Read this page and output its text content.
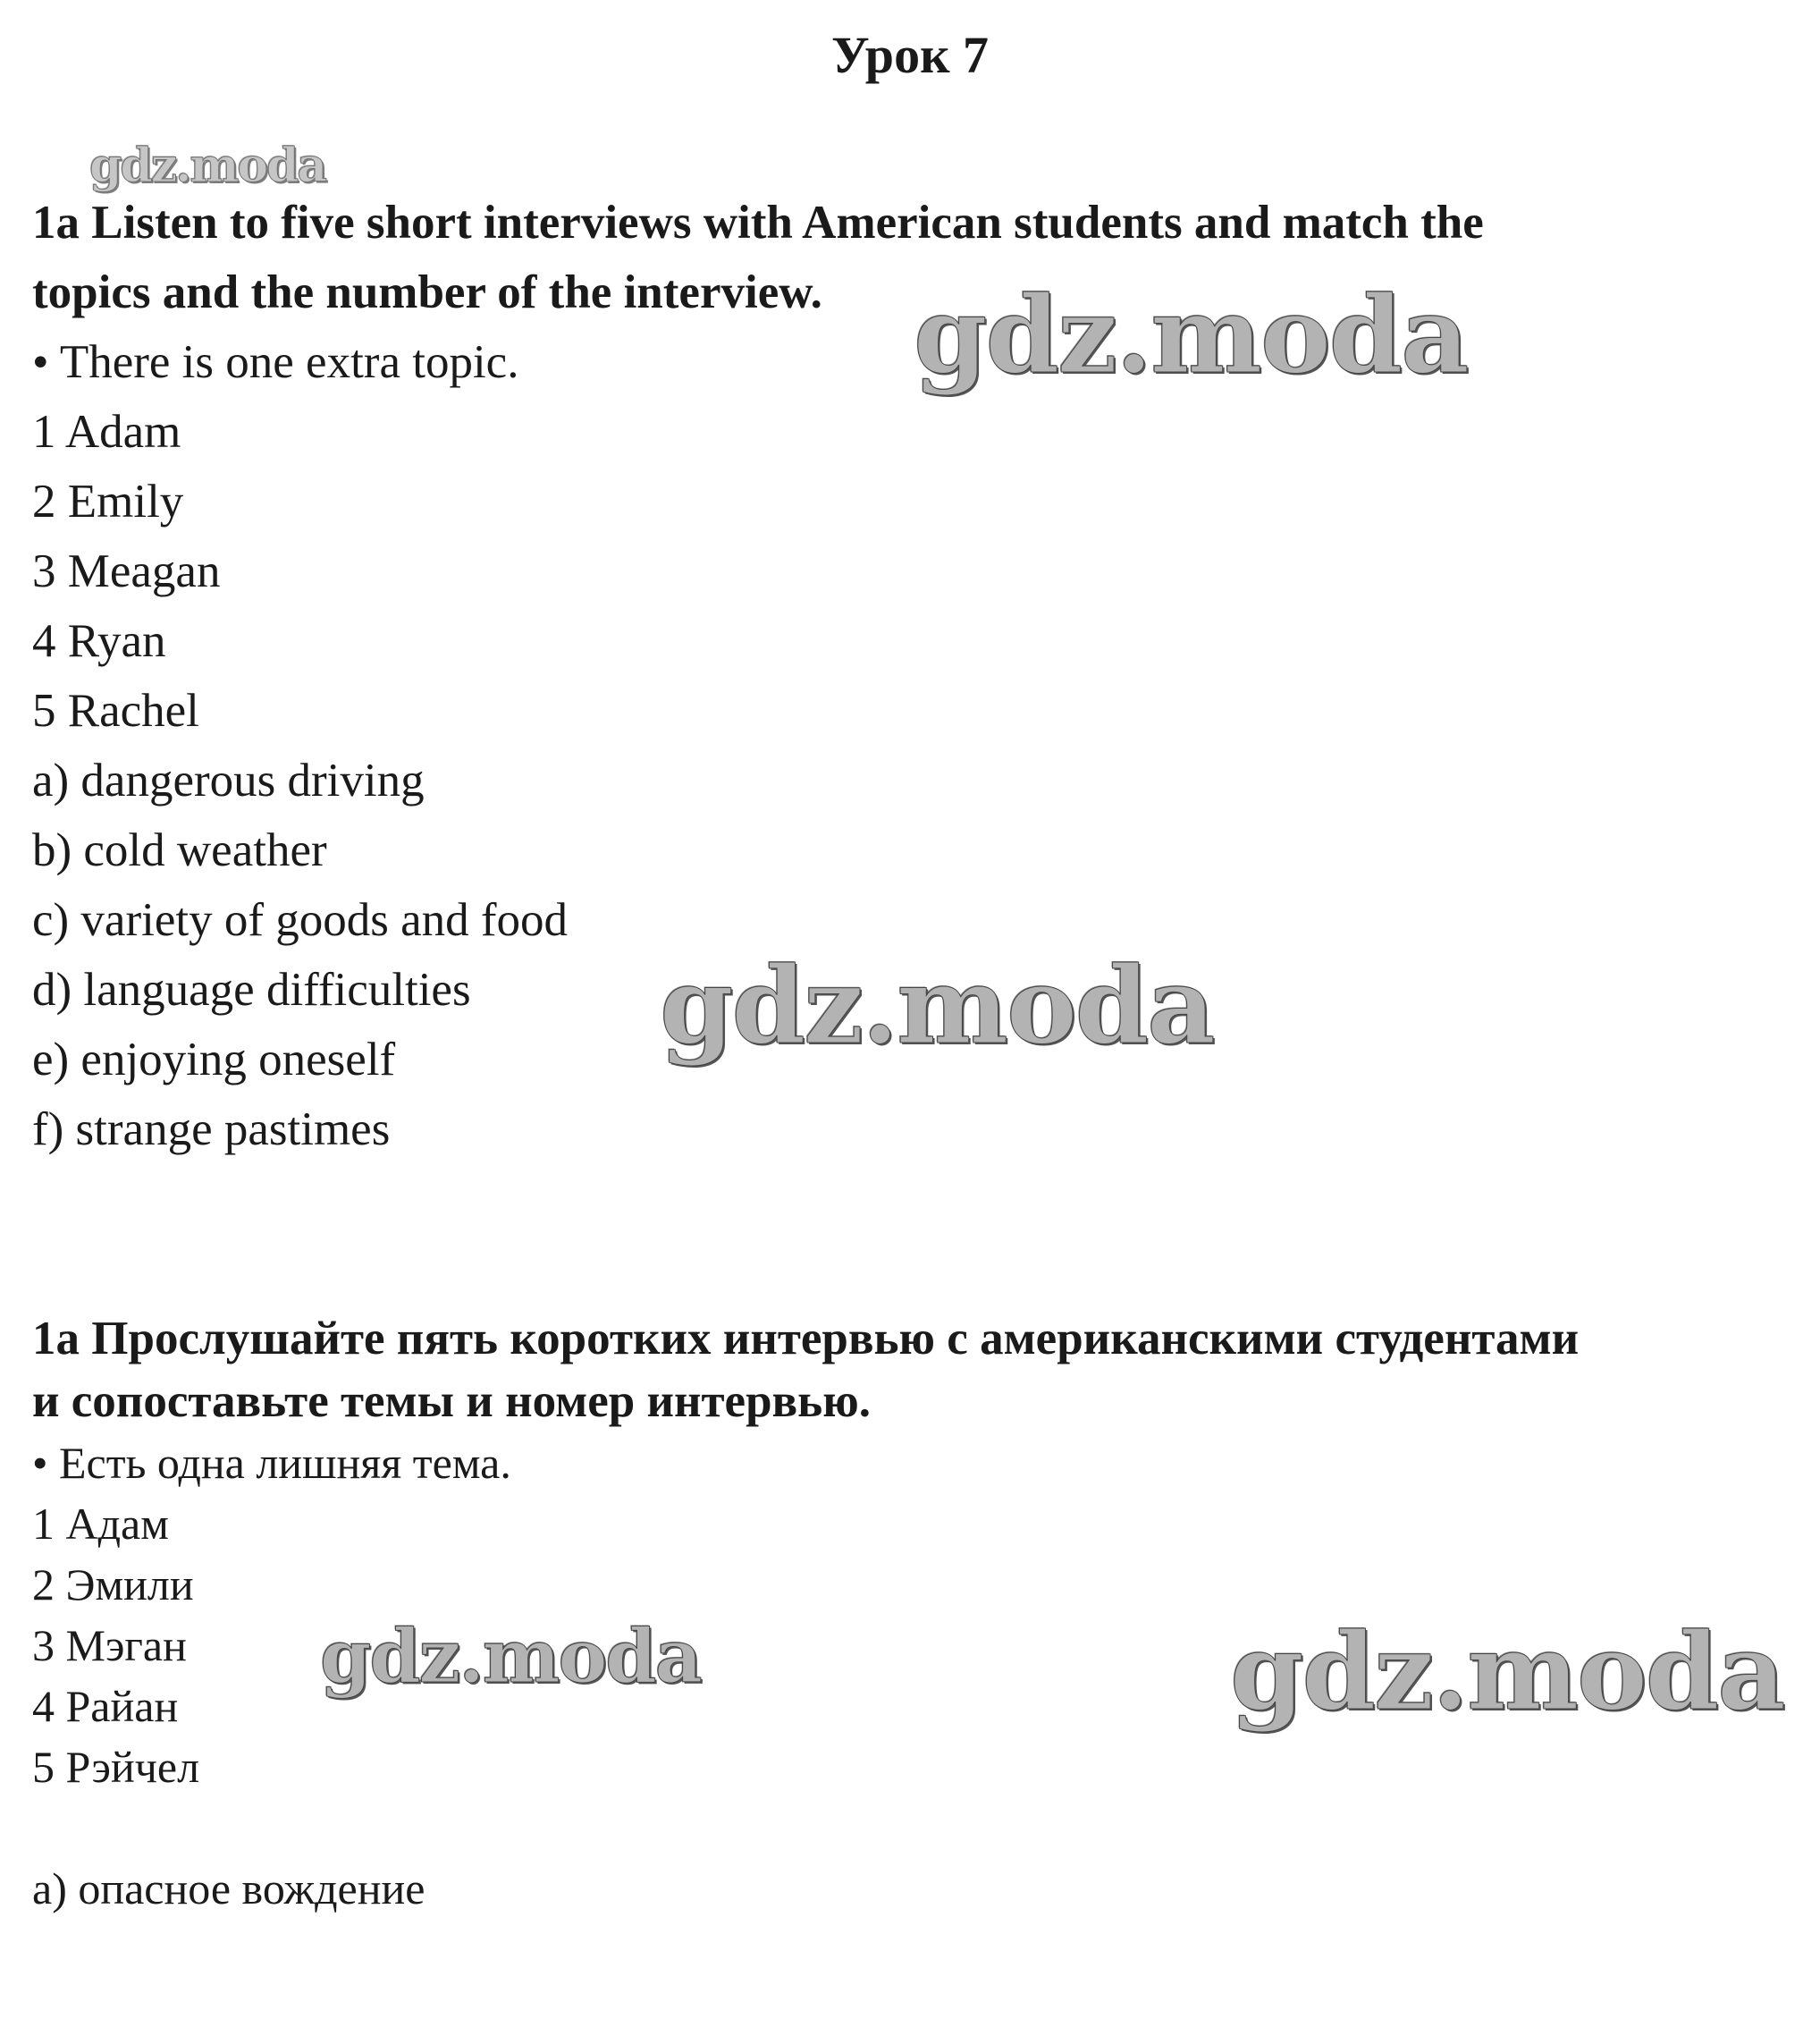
Урок 7
gdz.moda
gdz.moda
gdz.moda
gdz.moda	gdz.moda

1a Listen to five short interviews with American students and match the

topics and the number of the interview.

• There is one extra topic.

1 Adam

2 Emily

3 Meagan

4 Ryan

5 Rachel

a) dangerous driving

b) cold weather

c) variety of goods and food

d) language difficulties

e) enjoying oneself

f) strange pastimes

1a Прослушайте пять коротких интервью с американскими студентами

и сопоставьте темы и номер интервью.

• Есть одна лишняя тема.

1 Адам

2 Эмили

3 Мэган

4 Райан

5 Рэйчел

а) опасное вождение
